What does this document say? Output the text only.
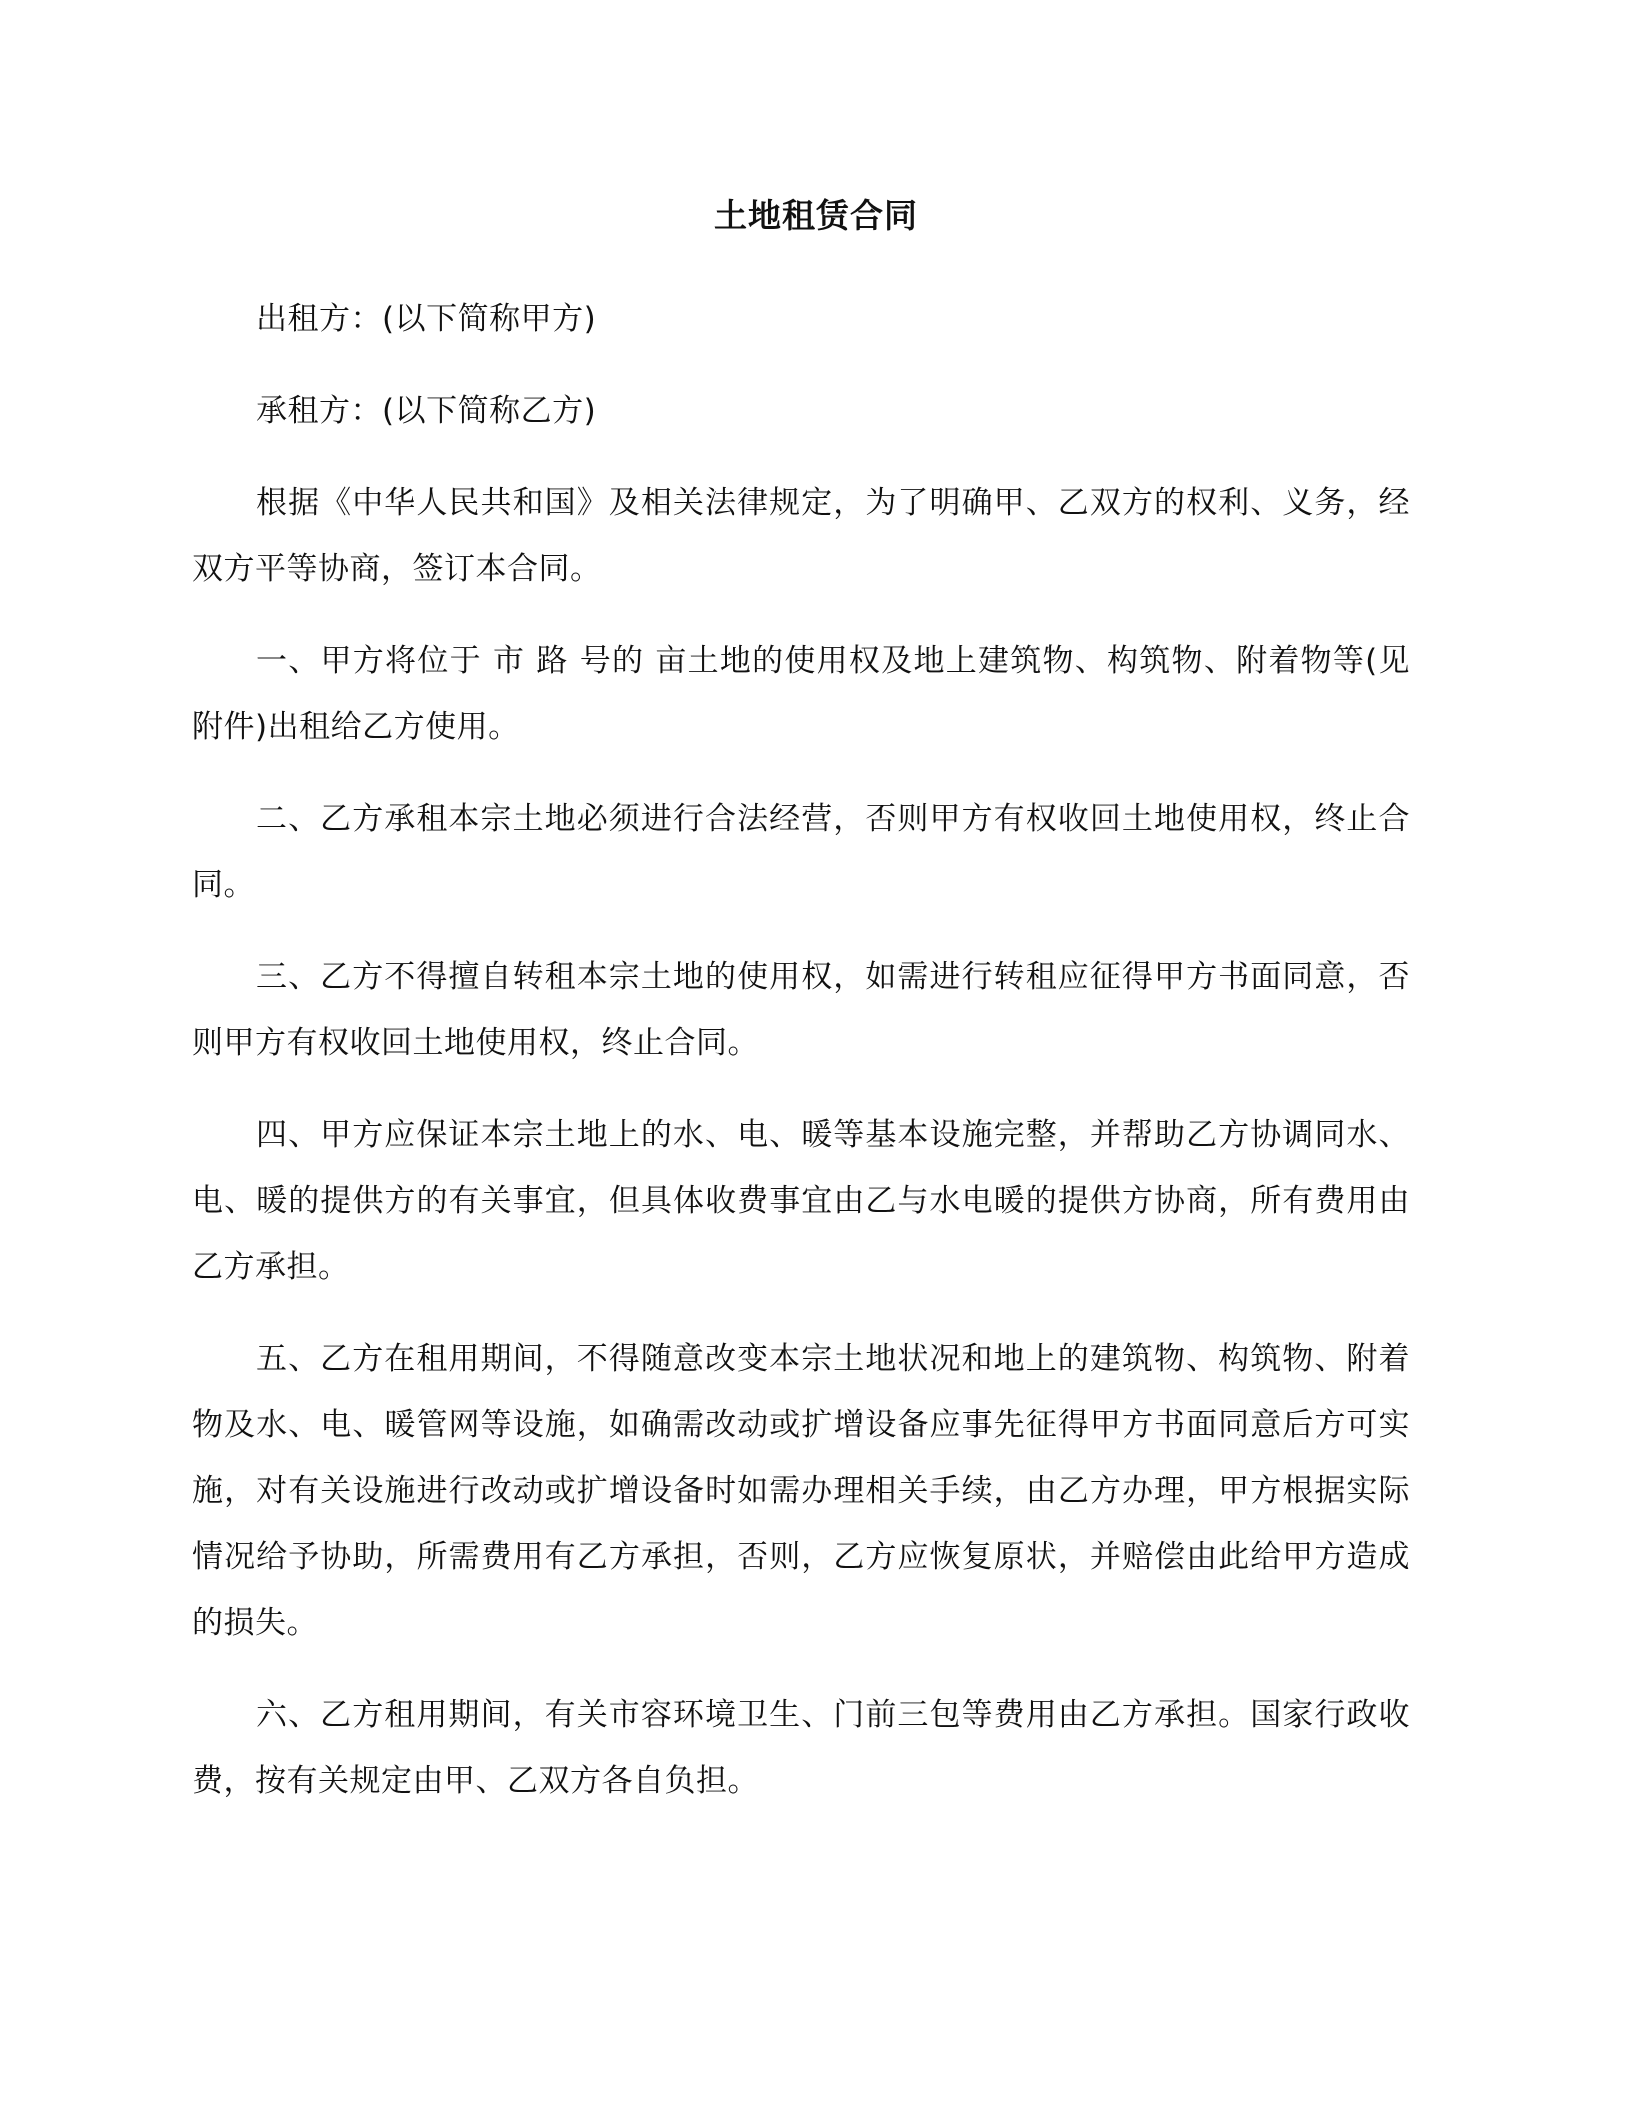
土地租赁合同

出租方：(以下简称甲方)

承租方：(以下简称乙方)

根据《中华人民共和国》及相关法律规定，为了明确甲、乙双方的权利、义务，经双方平等协商，签订本合同。

一、甲方将位于 市 路 号的 亩土地的使用权及地上建筑物、构筑物、附着物等(见附件)出租给乙方使用。

二、乙方承租本宗土地必须进行合法经营，否则甲方有权收回土地使用权，终止合同。

三、乙方不得擅自转租本宗土地的使用权，如需进行转租应征得甲方书面同意，否则甲方有权收回土地使用权，终止合同。

四、甲方应保证本宗土地上的水、电、暖等基本设施完整，并帮助乙方协调同水、电、暖的提供方的有关事宜，但具体收费事宜由乙与水电暖的提供方协商，所有费用由乙方承担。

五、乙方在租用期间，不得随意改变本宗土地状况和地上的建筑物、构筑物、附着物及水、电、暖管网等设施，如确需改动或扩增设备应事先征得甲方书面同意后方可实施，对有关设施进行改动或扩增设备时如需办理相关手续，由乙方办理，甲方根据实际情况给予协助，所需费用有乙方承担，否则，乙方应恢复原状，并赔偿由此给甲方造成的损失。

六、乙方租用期间，有关市容环境卫生、门前三包等费用由乙方承担。国家行政收费，按有关规定由甲、乙双方各自负担。
